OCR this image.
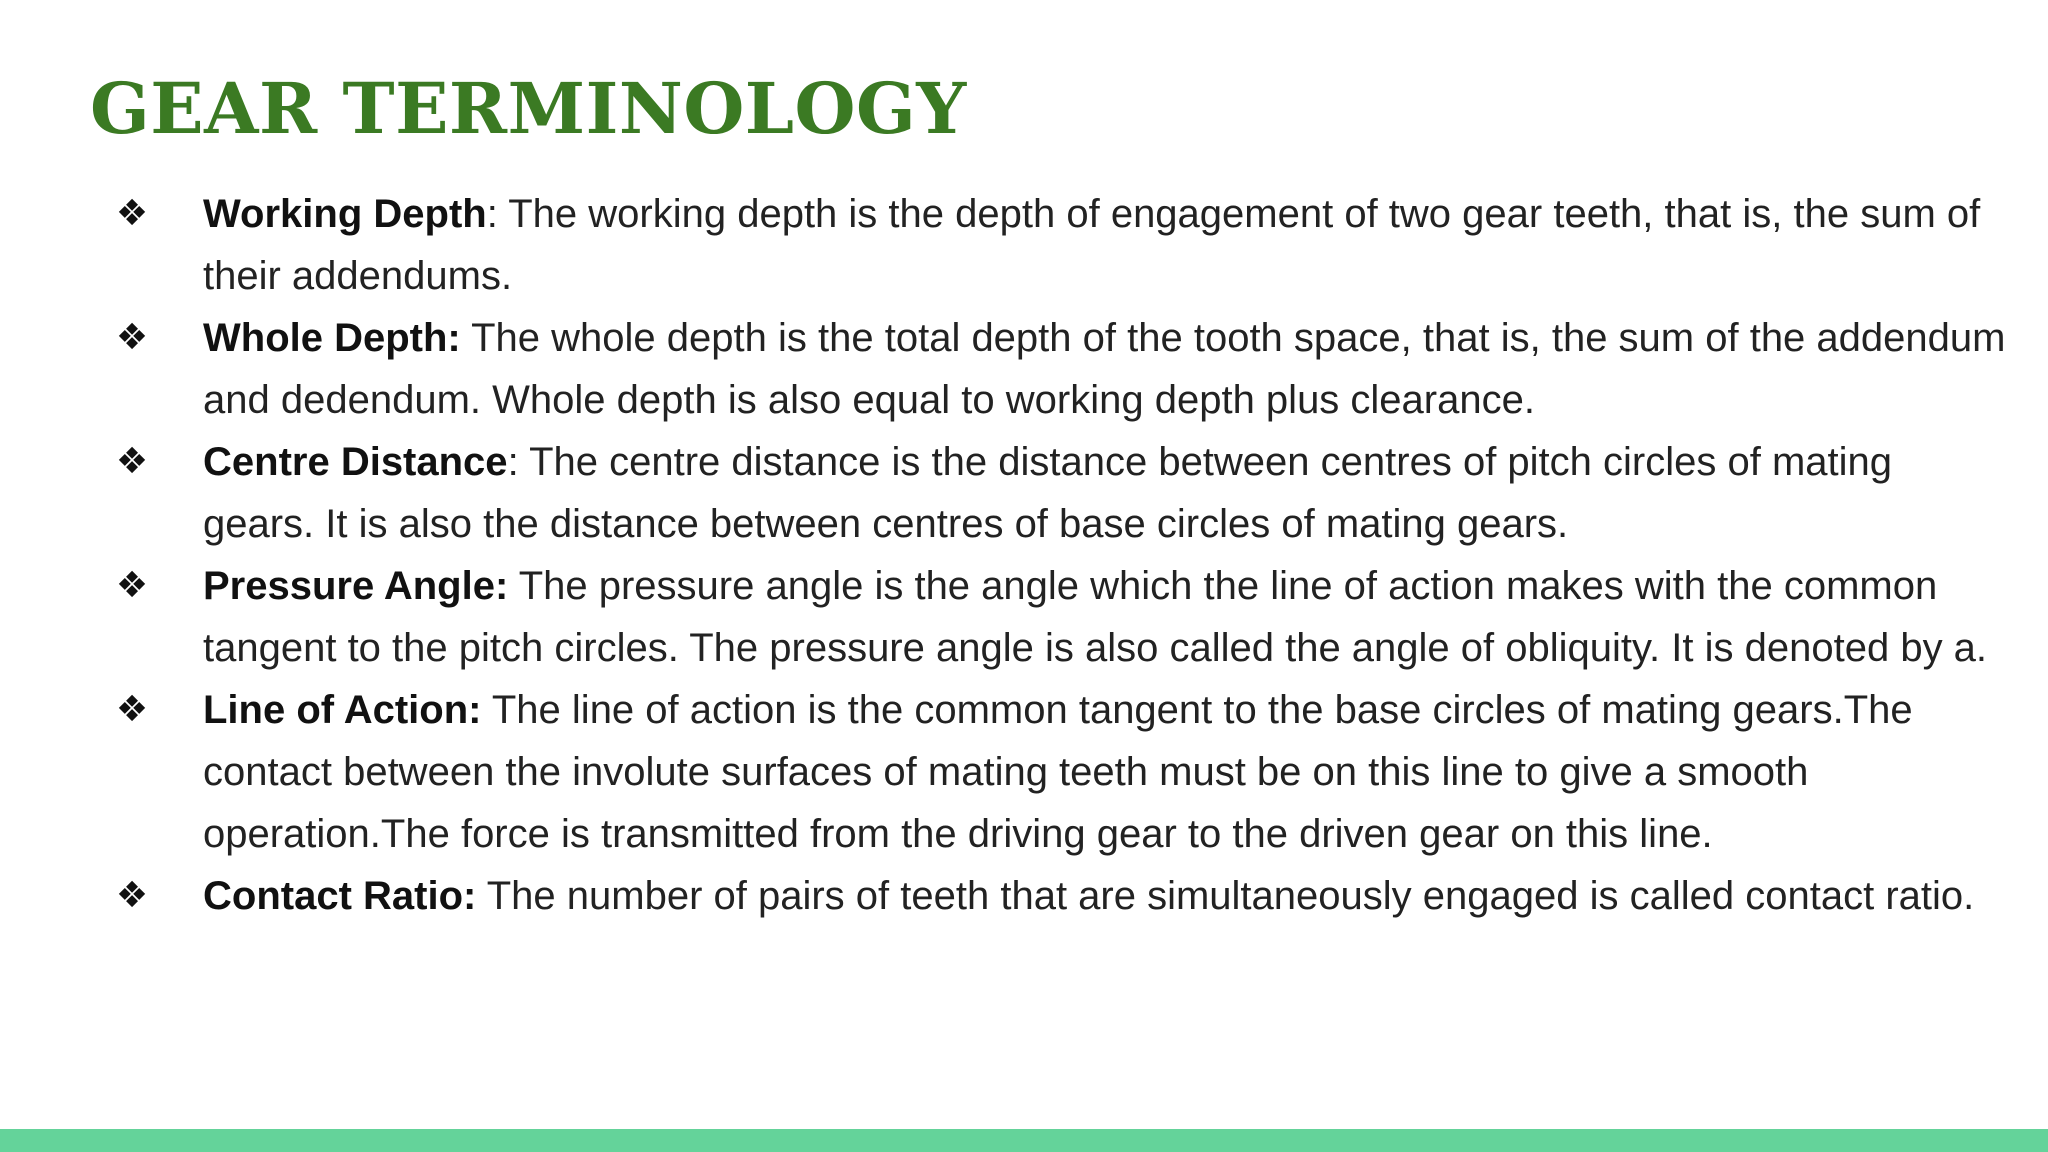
GEAR TERMINOLOGY
❖ Working Depth: The working depth is the depth of engagement of two gear teeth, that is, the sum of their addendums.
❖ Whole Depth: The whole depth is the total depth of the tooth space, that is, the sum of the addendum and dedendum. Whole depth is also equal to working depth plus clearance.
❖ Centre Distance: The centre distance is the distance between centres of pitch circles of mating gears. It is also the distance between centres of base circles of mating gears.
❖ Pressure Angle: The pressure angle is the angle which the line of action makes with the common tangent to the pitch circles. The pressure angle is also called the angle of obliquity. It is denoted by a.
❖ Line of Action: The line of action is the common tangent to the base circles of mating gears.The contact between the involute surfaces of mating teeth must be on this line to give a smooth operation.The force is transmitted from the driving gear to the driven gear on this line.
❖ Contact Ratio: The number of pairs of teeth that are simultaneously engaged is called contact ratio.
